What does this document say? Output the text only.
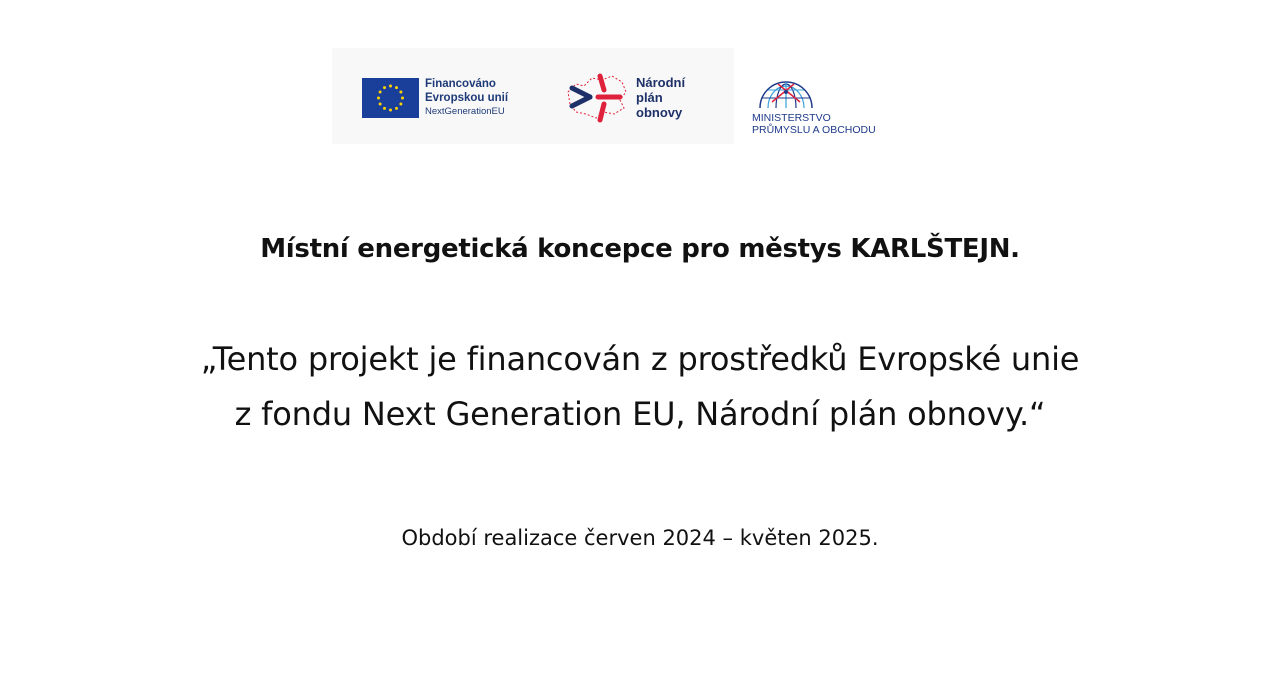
Financováno
Evropskou unií
NextGenerationEU
Národní
plán
obnovy	MINISTERSTVO
PRŮMYSLU A OBCHODU
Místní energetická koncepce pro městys KARLŠTEJN.
„Tento projekt je financován z prostředků Evropské unie
z fondu Next Generation EU, Národní plán obnovy.“
Období realizace červen 2024 – květen 2025.
